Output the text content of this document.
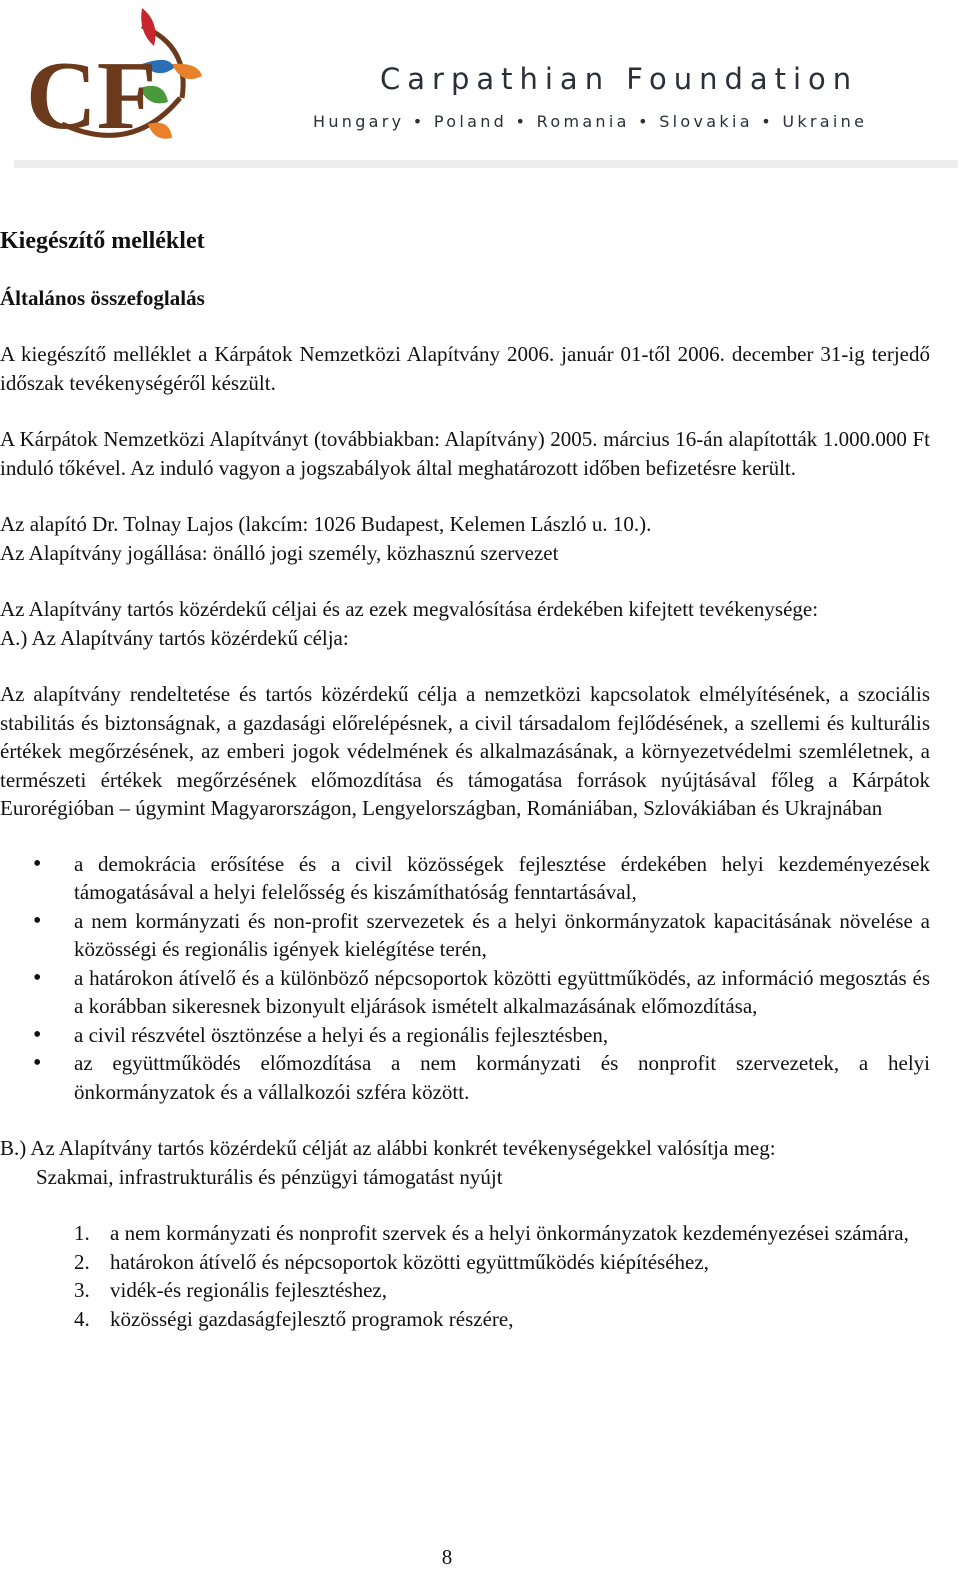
CF	Carpathian Foundation
Hungary • Poland • Romania • Slovakia • Ukraine

Kiegészítő melléklet

Általános összefoglalás

A kiegészítő melléklet a Kárpátok Nemzetközi Alapítvány 2006. január 01-től 2006. december 31-ig terjedő időszak tevékenységéről készült.

A Kárpátok Nemzetközi Alapítványt (továbbiakban: Alapítvány) 2005. március 16-án alapították 1.000.000 Ft induló tőkével. Az induló vagyon a jogszabályok által meghatározott időben befizetésre került.

Az alapító Dr. Tolnay Lajos (lakcím: 1026 Budapest, Kelemen László u. 10.).

Az Alapítvány jogállása: önálló jogi személy, közhasznú szervezet

Az Alapítvány tartós közérdekű céljai és az ezek megvalósítása érdekében kifejtett tevékenysége:

A.) Az Alapítvány tartós közérdekű célja:

Az alapítvány rendeltetése és tartós közérdekű célja a nemzetközi kapcsolatok elmélyítésének, a szociális stabilitás és biztonságnak, a gazdasági előrelépésnek, a civil társadalom fejlődésének, a szellemi és kulturális értékek megőrzésének, az emberi jogok védelmének és alkalmazásának, a környezetvédelmi szemléletnek, a természeti értékek megőrzésének előmozdítása és támogatása források nyújtásával főleg a Kárpátok Eurorégióban – úgymint Magyarországon, Lengyelországban, Romániában, Szlovákiában és Ukrajnában

• a demokrácia erősítése és a civil közösségek fejlesztése érdekében helyi kezdeményezések támogatásával a helyi felelősség és kiszámíthatóság fenntartásával,
• a nem kormányzati és non-profit szervezetek és a helyi önkormányzatok kapacitásának növelése a közösségi és regionális igények kielégítése terén,
• a határokon átívelő és a különböző népcsoportok közötti együttműködés, az információ megosztás és a korábban sikeresnek bizonyult eljárások ismételt alkalmazásának előmozdítása,
• a civil részvétel ösztönzése a helyi és a regionális fejlesztésben,
• az együttműködés előmozdítása a nem kormányzati és nonprofit szervezetek, a helyi önkormányzatok és a vállalkozói szféra között.

B.) Az Alapítvány tartós közérdekű célját az alábbi konkrét tevékenységekkel valósítja meg:

Szakmai, infrastrukturális és pénzügyi támogatást nyújt

1. a nem kormányzati és nonprofit szervek és a helyi önkormányzatok kezdeményezései számára,
2. határokon átívelő és népcsoportok közötti együttműködés kiépítéséhez,
3. vidék-és regionális fejlesztéshez,
4. közösségi gazdaságfejlesztő programok részére,
8
